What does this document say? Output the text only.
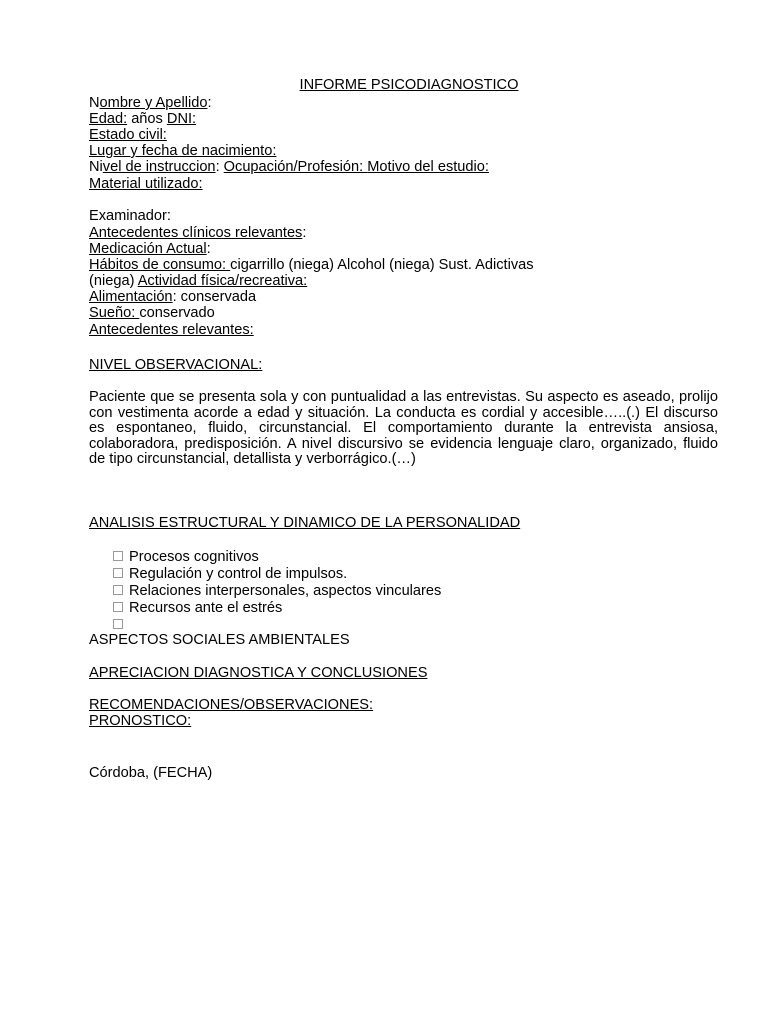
INFORME PSICODIAGNOSTICO
Nombre y Apellido:
Edad: años DNI:
Estado civil:
Lugar y fecha de nacimiento:
Nivel de instruccion: Ocupación/Profesión: Motivo del estudio:
Material utilizado:
Examinador:
Antecedentes clínicos relevantes:
Medicación Actual:
Hábitos de consumo: cigarrillo (niega) Alcohol (niega) Sust. Adictivas
(niega) Actividad física/recreativa:
Alimentación: conservada
Sueño: conservado
Antecedentes relevantes:
NIVEL OBSERVACIONAL:
Paciente que se presenta sola y con puntualidad a las entrevistas. Su aspecto es aseado, prolijo con vestimenta acorde a edad y situación. La conducta es cordial y accesible…..(.) El discurso es espontaneo, fluido, circunstancial. El comportamiento durante la entrevista ansiosa, colaboradora, predisposición. A nivel discursivo se evidencia lenguaje claro, organizado, fluido de tipo circunstancial, detallista y verborrágico.(…)
ANALISIS ESTRUCTURAL Y DINAMICO DE LA PERSONALIDAD
Procesos cognitivos
Regulación y control de impulsos.
Relaciones interpersonales, aspectos vinculares
Recursos ante el estrés
ASPECTOS SOCIALES AMBIENTALES
APRECIACION DIAGNOSTICA Y CONCLUSIONES
RECOMENDACIONES/OBSERVACIONES:
PRONOSTICO:
Córdoba, (FECHA)
